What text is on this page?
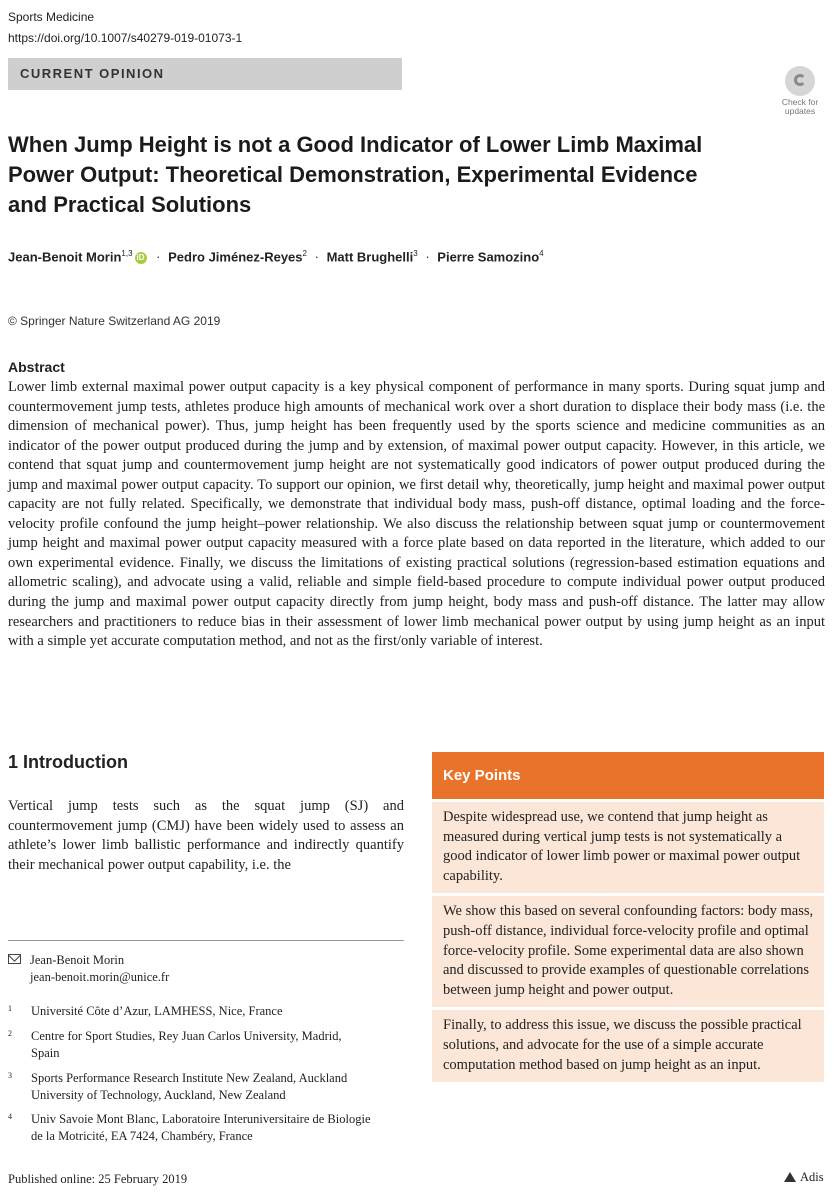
Sports Medicine
https://doi.org/10.1007/s40279-019-01073-1
CURRENT OPINION
Check for updates
When Jump Height is not a Good Indicator of Lower Limb Maximal Power Output: Theoretical Demonstration, Experimental Evidence and Practical Solutions
Jean-Benoit Morin$^{1,3}$ iD · Pedro Jiménez-Reyes$^2$ · Matt Brughelli$^3$ · Pierre Samozino$^4$
© Springer Nature Switzerland AG 2019
Abstract
Lower limb external maximal power output capacity is a key physical component of performance in many sports. During squat jump and countermovement jump tests, athletes produce high amounts of mechanical work over a short duration to displace their body mass (i.e. the dimension of mechanical power). Thus, jump height has been frequently used by the sports science and medicine communities as an indicator of the power output produced during the jump and by extension, of maximal power output capacity. However, in this article, we contend that squat jump and countermovement jump height are not systematically good indicators of power output produced during the jump and maximal power output capacity. To support our opinion, we first detail why, theoretically, jump height and maximal power output capacity are not fully related. Specifically, we demonstrate that individual body mass, push-off distance, optimal loading and the force-velocity profile confound the jump height–power relationship. We also discuss the relationship between squat jump or countermovement jump height and maximal power output capacity measured with a force plate based on data reported in the literature, which added to our own experimental evidence. Finally, we discuss the limitations of existing practical solutions (regression-based estimation equations and allometric scaling), and advocate using a valid, reliable and simple field-based procedure to compute individual power output produced during the jump and maximal power output capacity directly from jump height, body mass and push-off distance. The latter may allow researchers and practitioners to reduce bias in their assessment of lower limb mechanical power output by using jump height as an input with a simple yet accurate computation method, and not as the first/only variable of interest.
1 Introduction
Vertical jump tests such as the squat jump (SJ) and countermovement jump (CMJ) have been widely used to assess an athlete’s lower limb ballistic performance and indirectly quantify their mechanical power output capability, i.e. the
Key Points
Despite widespread use, we contend that jump height as measured during vertical jump tests is not systematically a good indicator of lower limb power or maximal power output capability.
We show this based on several confounding factors: body mass, push-off distance, individual force-velocity profile and optimal force-velocity profile. Some experimental data are also shown and discussed to provide examples of questionable correlations between jump height and power output.
Finally, to address this issue, we discuss the possible practical solutions, and advocate for the use of a simple accurate computation method based on jump height as an input.
Jean-Benoit Morin
jean-benoit.morin@unice.fr
1 Université Côte d’Azur, LAMHESS, Nice, France
2 Centre for Sport Studies, Rey Juan Carlos University, Madrid, Spain
3 Sports Performance Research Institute New Zealand, Auckland University of Technology, Auckland, New Zealand
4 Univ Savoie Mont Blanc, Laboratoire Interuniversitaire de Biologie de la Motricité, EA 7424, Chambéry, France
Published online: 25 February 2019	Adis
